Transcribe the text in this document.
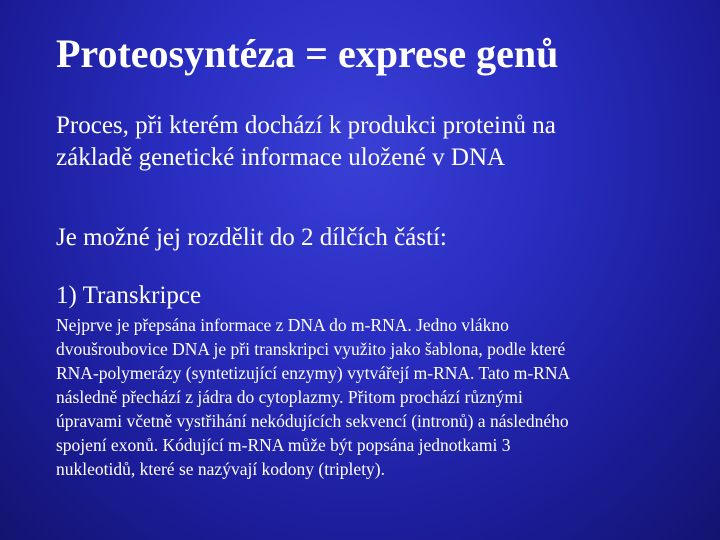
Proteosyntéza = exprese genů
Proces, při kterém dochází k produkci proteinů na
základě genetické informace uložené v DNA
Je možné jej rozdělit do 2 dílčích částí:
1) Transkripce
Nejprve je přepsána informace z DNA do m-RNA. Jedno vlákno
dvoušroubovice DNA je při transkripci využito jako šablona, podle které
RNA-polymerázy (syntetizující enzymy) vytvářejí m-RNA. Tato m-RNA
následně přechází z jádra do cytoplazmy. Přitom prochází různými
úpravami včetně vystřihání nekódujících sekvencí (intronů) a následného
spojení exonů. Kódující m-RNA může být popsána jednotkami 3
nukleotidů, které se nazývají kodony (triplety).
